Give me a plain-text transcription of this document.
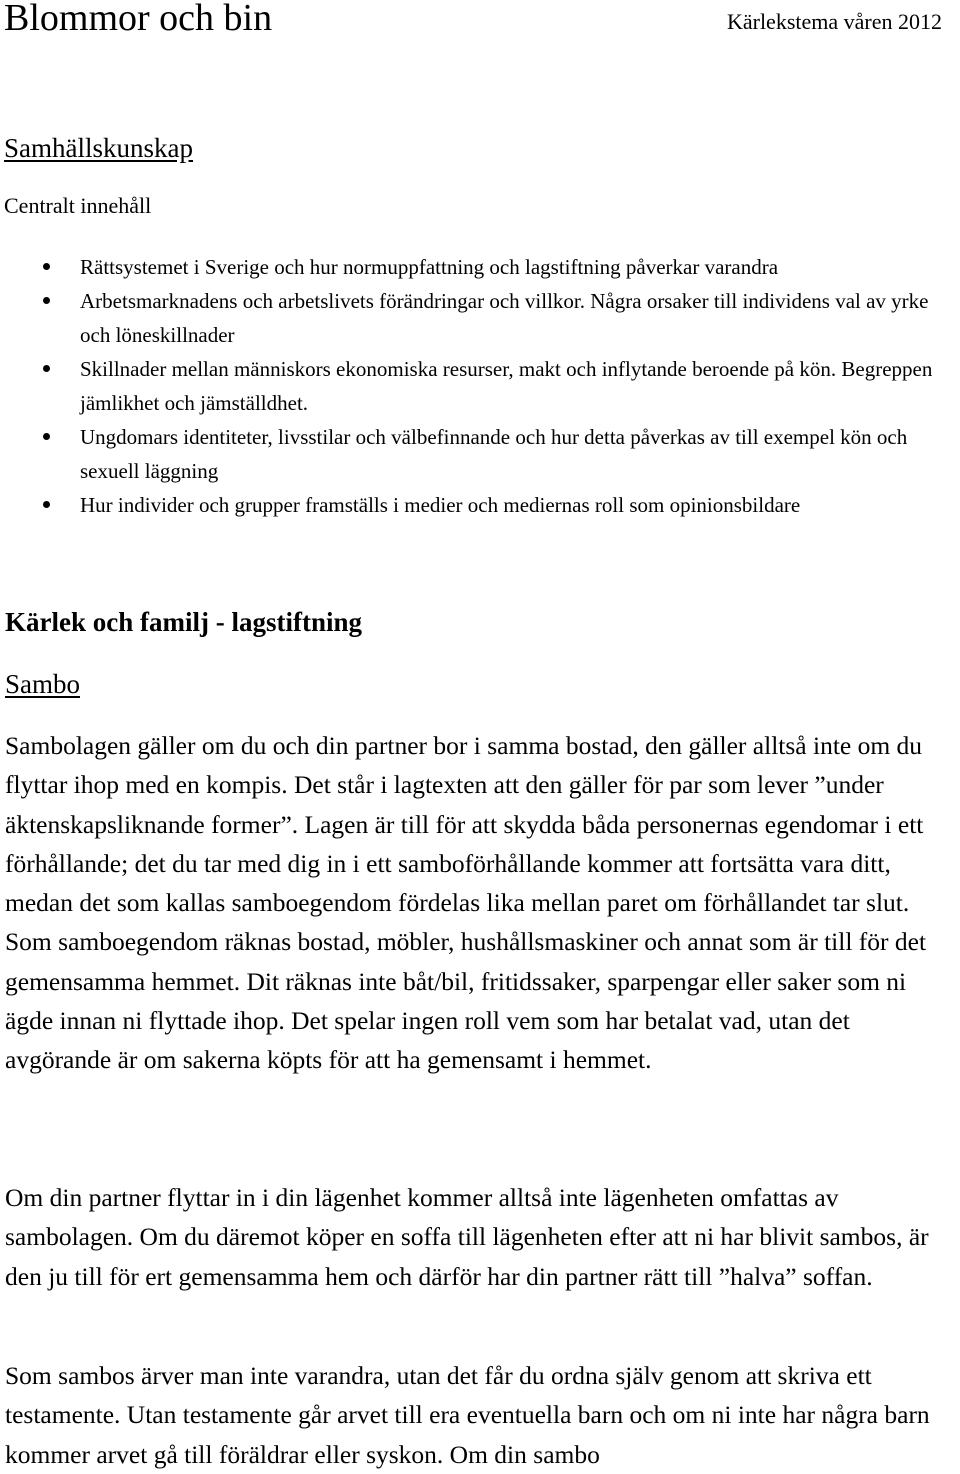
Blommor och bin	Kärlekstema våren 2012
Samhällskunskap
Centralt innehåll
Rättsystemet i Sverige och hur normuppfattning och lagstiftning påverkar varandra
Arbetsmarknadens och arbetslivets förändringar och villkor. Några orsaker till individens val av yrke och löneskillnader
Skillnader mellan människors ekonomiska resurser, makt och inflytande beroende på kön. Begreppen jämlikhet och jämställdhet.
Ungdomars identiteter, livsstilar och välbefinnande och hur detta påverkas av till exempel kön och sexuell läggning
Hur individer och grupper framställs i medier och mediernas roll som opinionsbildare
Kärlek och familj - lagstiftning
Sambo

Sambolagen gäller om du och din partner bor i samma bostad, den gäller alltså inte om du flyttar ihop med en kompis. Det står i lagtexten att den gäller för par som lever ”under äktenskapsliknande former”. Lagen är till för att skydda båda personernas egendomar i ett förhållande; det du tar med dig in i ett samboförhållande kommer att fortsätta vara ditt, medan det som kallas samboegendom fördelas lika mellan paret om förhållandet tar slut. Som samboegendom räknas bostad, möbler, hushållsmaskiner och annat som är till för det gemensamma hemmet. Dit räknas inte båt/bil, fritidssaker, sparpengar eller saker som ni ägde innan ni flyttade ihop. Det spelar ingen roll vem som har betalat vad, utan det avgörande är om sakerna köpts för att ha gemensamt i hemmet.

Om din partner flyttar in i din lägenhet kommer alltså inte lägenheten omfattas av sambolagen. Om du däremot köper en soffa till lägenheten efter att ni har blivit sambos, är den ju till för ert gemensamma hem och därför har din partner rätt till ”halva” soffan.

Som sambos ärver man inte varandra, utan det får du ordna själv genom att skriva ett testamente. Utan testamente går arvet till era eventuella barn och om ni inte har några barn kommer arvet gå till föräldrar eller syskon. Om din sambo
